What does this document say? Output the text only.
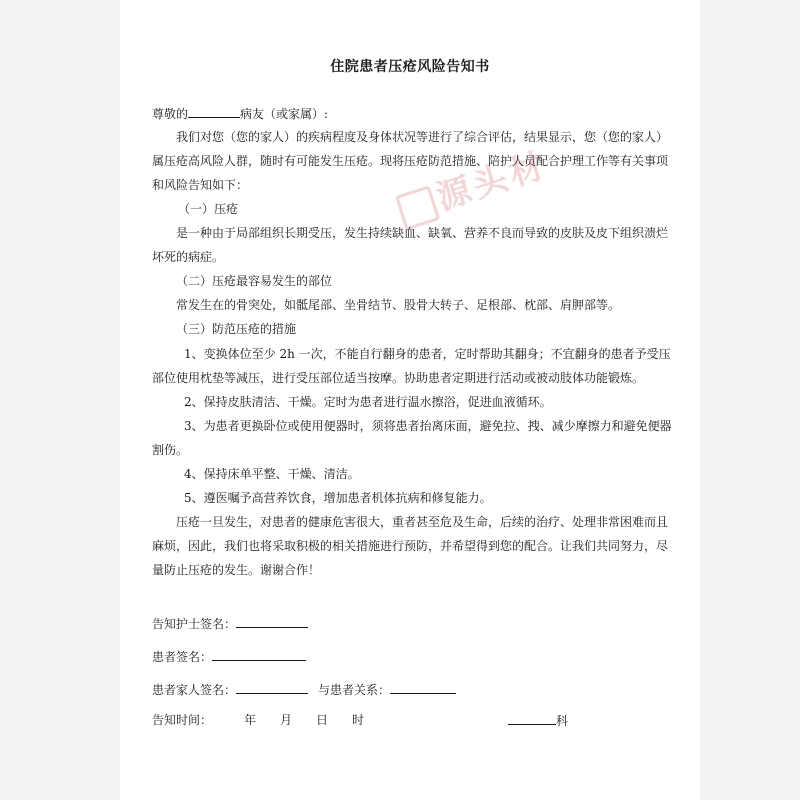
源头材
住院患者压疮风险告知书
尊敬的	病友（或家属）:
我们对您（您的家人）的疾病程度及身体状况等进行了综合评估，结果显示，您（您的家人）
属压疮高风险人群，随时有可能发生压疮。现将压疮防范措施、陪护人员配合护理工作等有关事项
和风险告知如下：
（一）压疮
是一种由于局部组织长期受压，发生持续缺血、缺氧、营养不良而导致的皮肤及皮下组织溃烂
坏死的病症。
（二）压疮最容易发生的部位
常发生在的骨突处，如骶尾部、坐骨结节、股骨大转子、足根部、枕部、肩胛部等。
（三）防范压疮的措施
1、变换体位至少 2h 一次，不能自行翻身的患者，定时帮助其翻身；不宜翻身的患者予受压
部位使用枕垫等减压，进行受压部位适当按摩。协助患者定期进行活动或被动肢体功能锻炼。
2、保持皮肤清洁、干燥。定时为患者进行温水擦浴，促进血液循环。
3、为患者更换卧位或使用便器时，须将患者抬离床面，避免拉、拽、减少摩擦力和避免便器
割伤。
4、保持床单平整、干燥、清洁。
5、遵医嘱予高营养饮食，增加患者机体抗病和修复能力。
压疮一旦发生，对患者的健康危害很大，重者甚至危及生命，后续的治疗、处理非常困难而且
麻烦，因此，我们也将采取积极的相关措施进行预防，并希望得到您的配合。让我们共同努力，尽
量防止压疮的发生。谢谢合作！
告知护士签名：
患者签名：
患者家人签名：	与患者关系：
告知时间：	年 月 日 时	科
